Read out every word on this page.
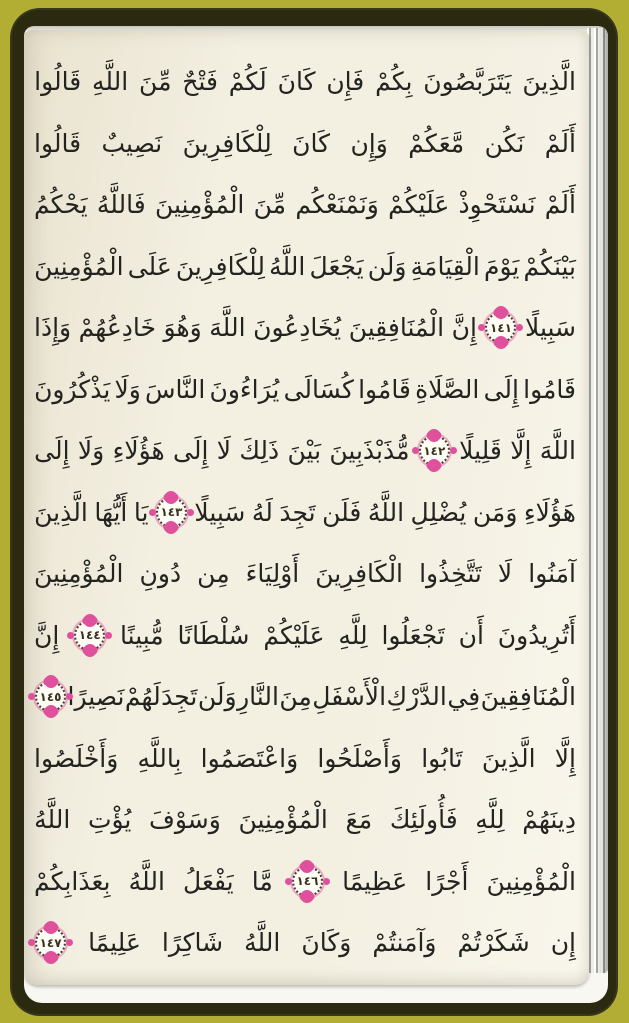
الَّذِينَ
يَتَرَبَّصُونَ
بِكُمْ
فَإِن
كَانَ
لَكُمْ
فَتْحٌ
مِّنَ
اللَّهِ
قَالُوا
أَلَمْ
نَكُن
مَّعَكُمْ
وَإِن
كَانَ
لِلْكَافِرِينَ
نَصِيبٌ
قَالُوا
أَلَمْ
نَسْتَحْوِذْ
عَلَيْكُمْ
وَنَمْنَعْكُم
مِّنَ
الْمُؤْمِنِينَ
فَاللَّهُ
يَحْكُمُ
بَيْنَكُمْ
يَوْمَ
الْقِيَامَةِ
وَلَن
يَجْعَلَ
اللَّهُ
لِلْكَافِرِينَ
عَلَى
الْمُؤْمِنِينَ
سَبِيلًا
١٤١
إِنَّ
الْمُنَافِقِينَ
يُخَادِعُونَ
اللَّهَ
وَهُوَ
خَادِعُهُمْ
وَإِذَا
قَامُوا
إِلَى
الصَّلَاةِ
قَامُوا
كُسَالَى
يُرَاءُونَ
النَّاسَ
وَلَا
يَذْكُرُونَ
اللَّهَ
إِلَّا
قَلِيلًا
١٤٢
مُّذَبْذَبِينَ
بَيْنَ
ذَلِكَ
لَا
إِلَى
هَؤُلَاءِ
وَلَا
إِلَى
هَؤُلَاءِ
وَمَن
يُضْلِلِ
اللَّهُ
فَلَن
تَجِدَ
لَهُ
سَبِيلًا
١٤٣
يَا
أَيُّهَا
الَّذِينَ
آمَنُوا
لَا
تَتَّخِذُوا
الْكَافِرِينَ
أَوْلِيَاءَ
مِن
دُونِ
الْمُؤْمِنِينَ
أَتُرِيدُونَ
أَن
تَجْعَلُوا
لِلَّهِ
عَلَيْكُمْ
سُلْطَانًا
مُّبِينًا
١٤٤
إِنَّ
الْمُنَافِقِينَ
فِي
الدَّرْكِ
الْأَسْفَلِ
مِنَ
النَّارِ
وَلَن
تَجِدَ
لَهُمْ
نَصِيرًا
١٤٥
إِلَّا
الَّذِينَ
تَابُوا
وَأَصْلَحُوا
وَاعْتَصَمُوا
بِاللَّهِ
وَأَخْلَصُوا
دِينَهُمْ
لِلَّهِ
فَأُولَئِكَ
مَعَ
الْمُؤْمِنِينَ
وَسَوْفَ
يُؤْتِ
اللَّهُ
الْمُؤْمِنِينَ
أَجْرًا
عَظِيمًا
١٤٦
مَّا
يَفْعَلُ
اللَّهُ
بِعَذَابِكُمْ
إِن
شَكَرْتُمْ
وَآمَنتُمْ
وَكَانَ
اللَّهُ
شَاكِرًا
عَلِيمًا
١٤٧
